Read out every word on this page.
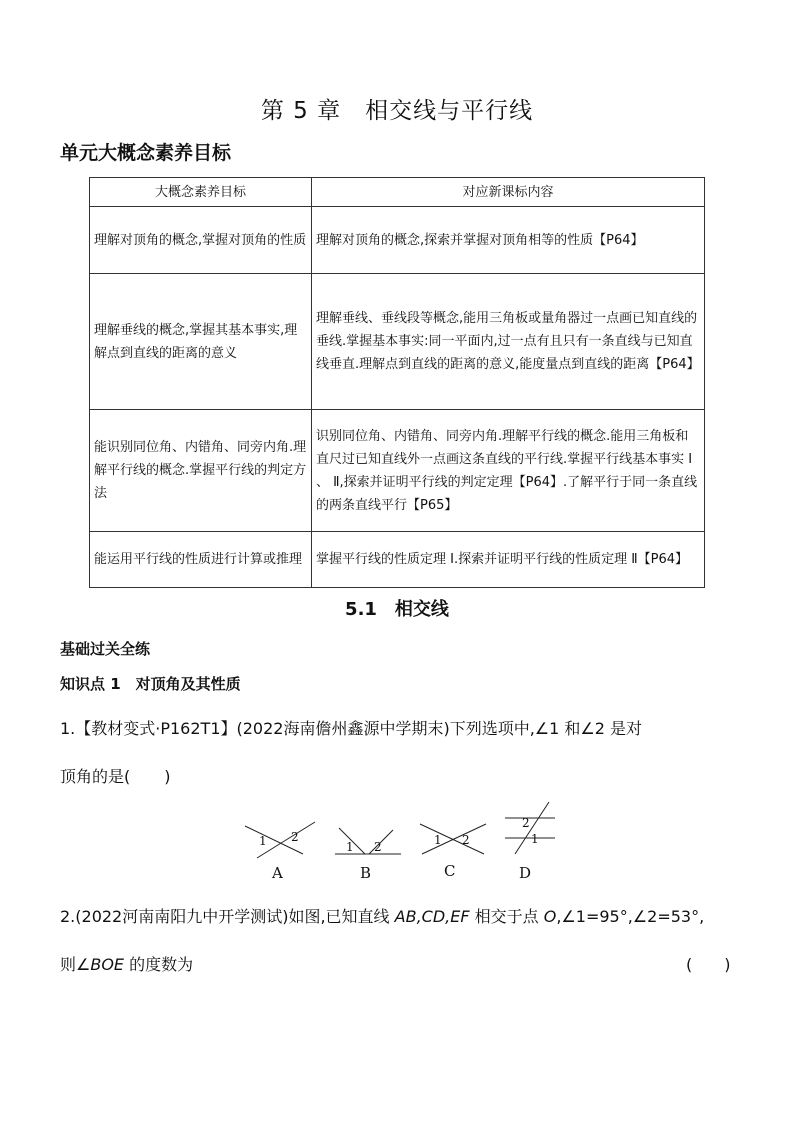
第 5 章　相交线与平行线
单元大概念素养目标
大概念素养目标	对应新课标内容
理解对顶角的概念,掌握对顶角的性质	理解对顶角的概念,探索并掌握对顶角相等的性质【P64】
理解垂线的概念,掌握其基本事实,理解点到直线的距离的意义	理解垂线、垂线段等概念,能用三角板或量角器过一点画已知直线的垂线.掌握基本事实:同一平面内,过一点有且只有一条直线与已知直线垂直.理解点到直线的距离的意义,能度量点到直线的距离【P64】
能识别同位角、内错角、同旁内角.理解平行线的概念.掌握平行线的判定方法	识别同位角、内错角、同旁内角.理解平行线的概念.能用三角板和直尺过已知直线外一点画这条直线的平行线.掌握平行线基本事实 Ⅰ 、 Ⅱ,探索并证明平行线的判定定理【P64】.了解平行于同一条直线的两条直线平行【P65】
能运用平行线的性质进行计算或推理	掌握平行线的性质定理 Ⅰ.探索并证明平行线的性质定理 Ⅱ【P64】
5.1　相交线
基础过关全练
知识点 1　对顶角及其性质
1.【教材变式·P162T1】(2022海南儋州鑫源中学期末)下列选项中,∠1 和∠2 是对
顶角的是( )
1 2
A
1 2
B
1 2
C
2
1
D
2.(2022河南南阳九中开学测试)如图,已知直线 AB,CD,EF 相交于点 O,∠1=95°,∠2=53°,
则∠BOE 的度数为	(　　)
